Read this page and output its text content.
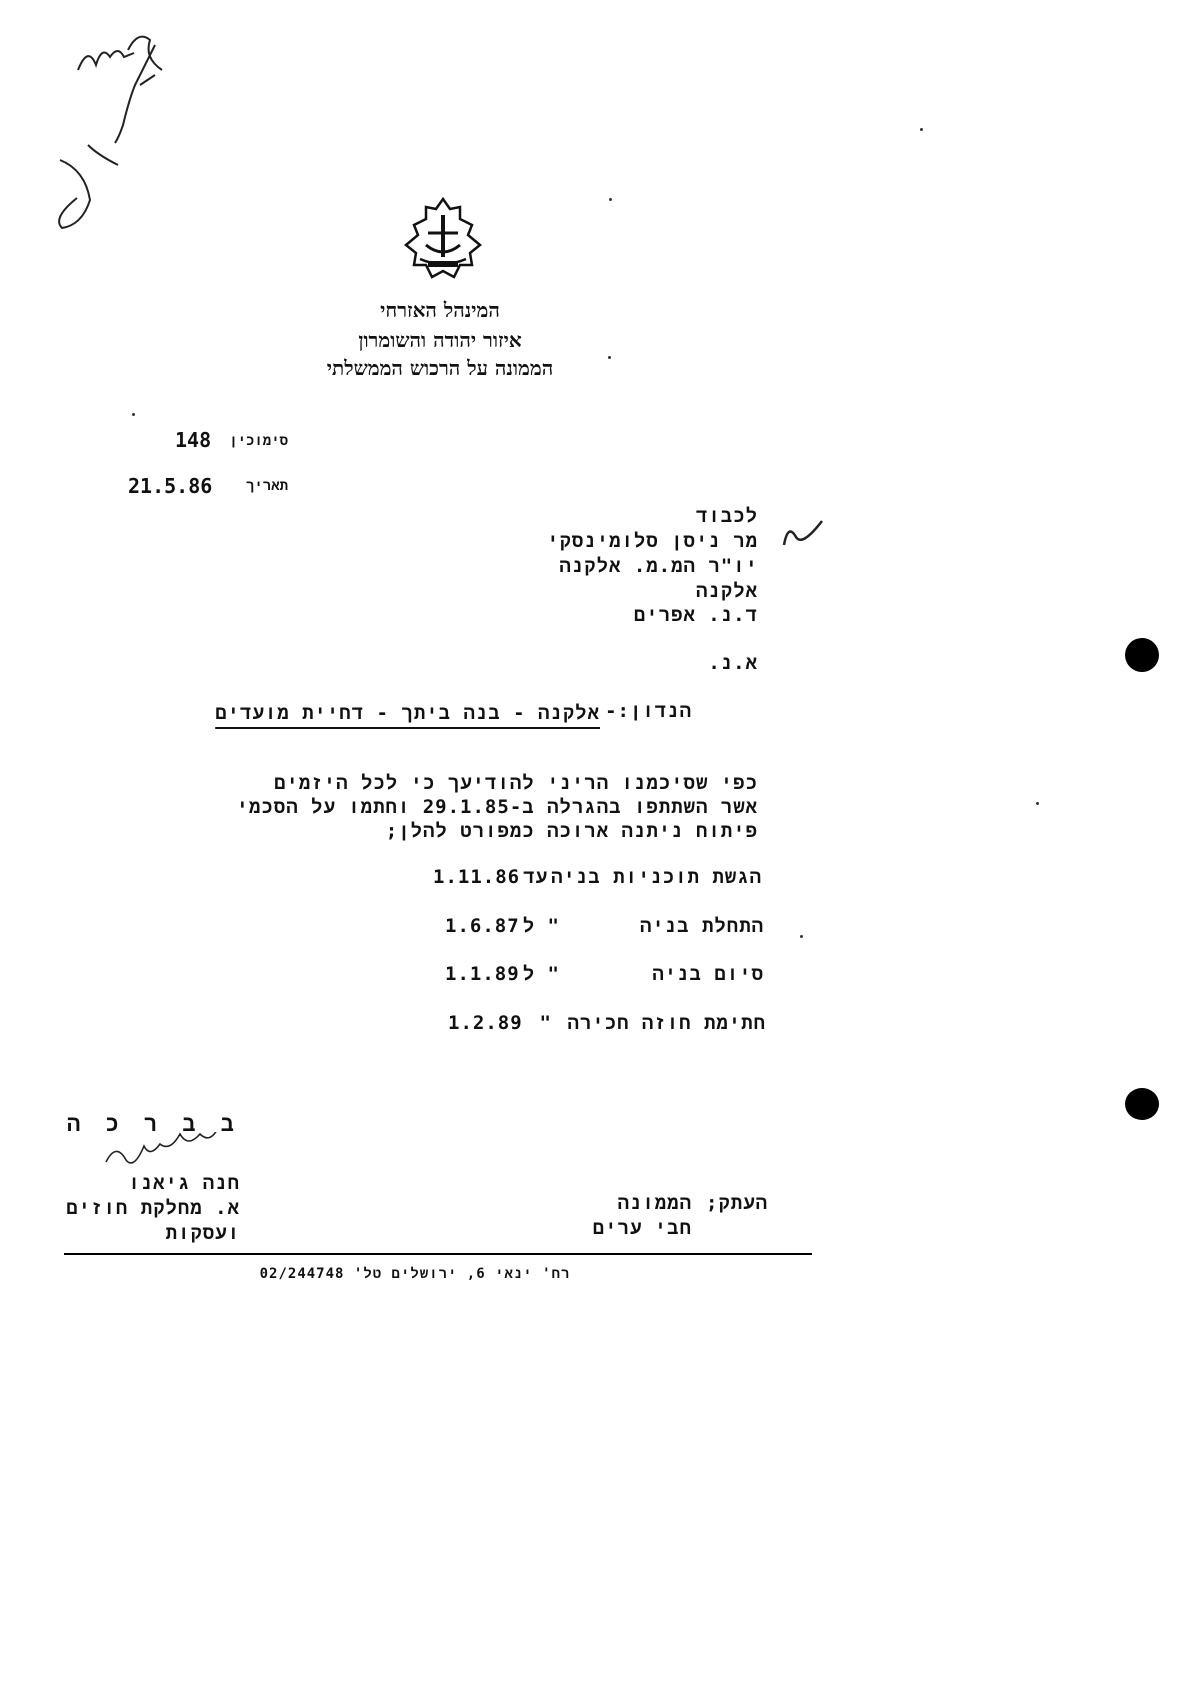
המינהל האזרחי
איזור יהודה והשומרון
הממונה על הרכוש הממשלתי
סימוכין
148
תאריך
21.5.86
לכבוד
מר ניסן סלומינסקי
יו"ר המ.מ. אלקנה
אלקנה
ד.נ. אפרים
א.נ.
הנדון:-
אלקנה - בנה ביתך - דחיית מועדים
כפי שסיכמנו הריני להודיעך כי לכל היזמים
אשר השתתפו בהגרלה ב-29.1.85 וחתמו על הסכמי
פיתוח ניתנה ארוכה כמפורט להלן;
הגשת תוכניות בניה
עד
1.11.86
התחלת בניה
" ל
1.6.87
סיום בניה
" ל
1.1.89
חתימת חוזה חכירה
"
1.2.89
ב ב ר כ ה
חנה גיאנו
א. מחלקת חוזים
ועסקות
העתק;
הממונה
חבי ערים
רח' ינאי 6, ירושלים טל' 02/244748
